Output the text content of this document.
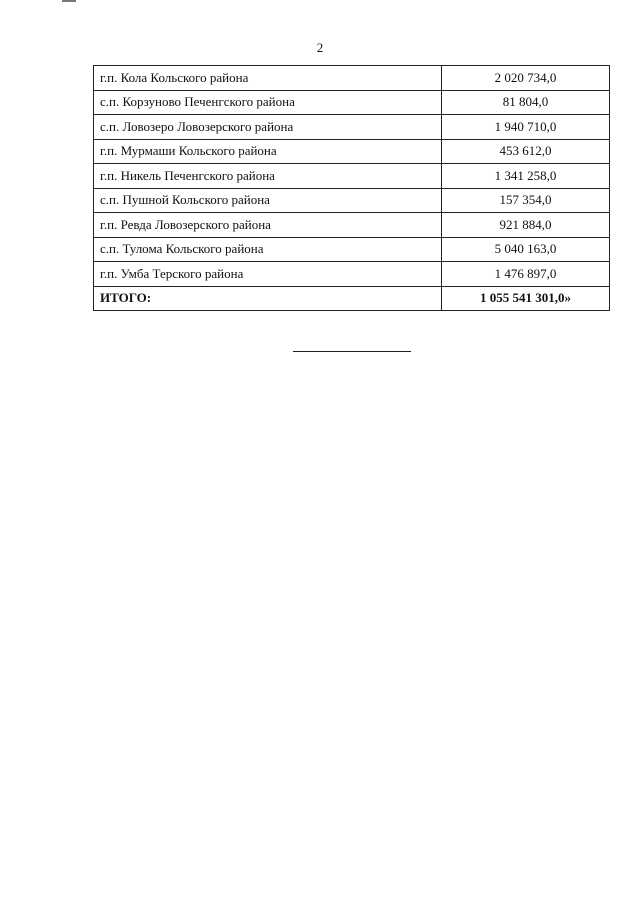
2
г.п. Кола Кольского района	2 020 734,0
с.п. Корзуново Печенгского района	81 804,0
с.п. Ловозеро Ловозерского района	1 940 710,0
г.п. Мурмаши Кольского района	453 612,0
г.п. Никель Печенгского района	1 341 258,0
с.п. Пушной Кольского района	157 354,0
г.п. Ревда Ловозерского района	921 884,0
с.п. Тулома Кольского района	5 040 163,0
г.п. Умба Терского района	1 476 897,0
ИТОГО:	1 055 541 301,0»
